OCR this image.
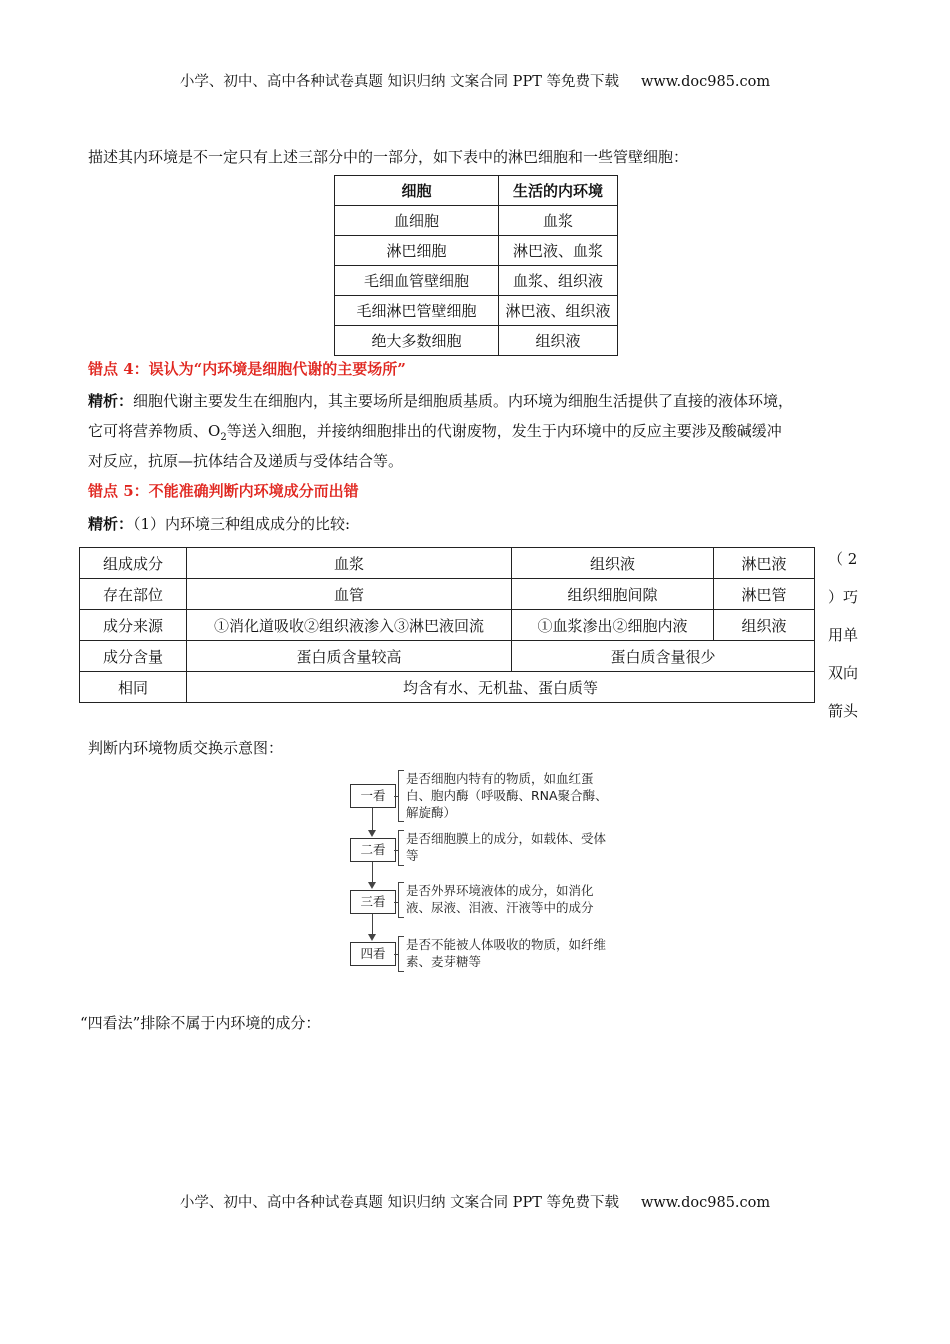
小学、初中、高中各种试卷真题 知识归纳 文案合同 PPT 等免费下载 www.doc985.com
描述其内环境是不一定只有上述三部分中的一部分，如下表中的淋巴细胞和一些管壁细胞：
细胞	生活的内环境
血细胞	血浆
淋巴细胞	淋巴液、血浆
毛细血管壁细胞	血浆、组织液
毛细淋巴管壁细胞	淋巴液、组织液
绝大多数细胞	组织液
错点 4：误认为“内环境是细胞代谢的主要场所”
精析：细胞代谢主要发生在细胞内，其主要场所是细胞质基质。内环境为细胞生活提供了直接的液体环境，
它可将营养物质、$O_2$等送入细胞，并接纳细胞排出的代谢废物，发生于内环境中的反应主要涉及酸碱缓冲
对反应，抗原—抗体结合及递质与受体结合等。
错点 5：不能准确判断内环境成分而出错
精析：（1）内环境三种组成成分的比较:
组成成分	血浆	组织液	淋巴液
存在部位	血管	组织细胞间隙	淋巴管
成分来源	①消化道吸收②组织液渗入③淋巴液回流	①血浆渗出②细胞内液	组织液
成分含量	蛋白质含量较高	蛋白质含量很少	
相同	均含有水、无机盐、蛋白质等		
（ 2
）巧
用单
双向
箭头
判断内环境物质交换示意图：
一看
是否细胞内特有的物质，如血红蛋白、胞内酶（呼吸酶、RNA聚合酶、解旋酶）
二看
是否细胞膜上的成分，如载体、受体等
三看
是否外界环境液体的成分，如消化液、尿液、泪液、汗液等中的成分
四看
是否不能被人体吸收的物质，如纤维素、麦芽糖等
“四看法”排除不属于内环境的成分：
小学、初中、高中各种试卷真题 知识归纳 文案合同 PPT 等免费下载 www.doc985.com
